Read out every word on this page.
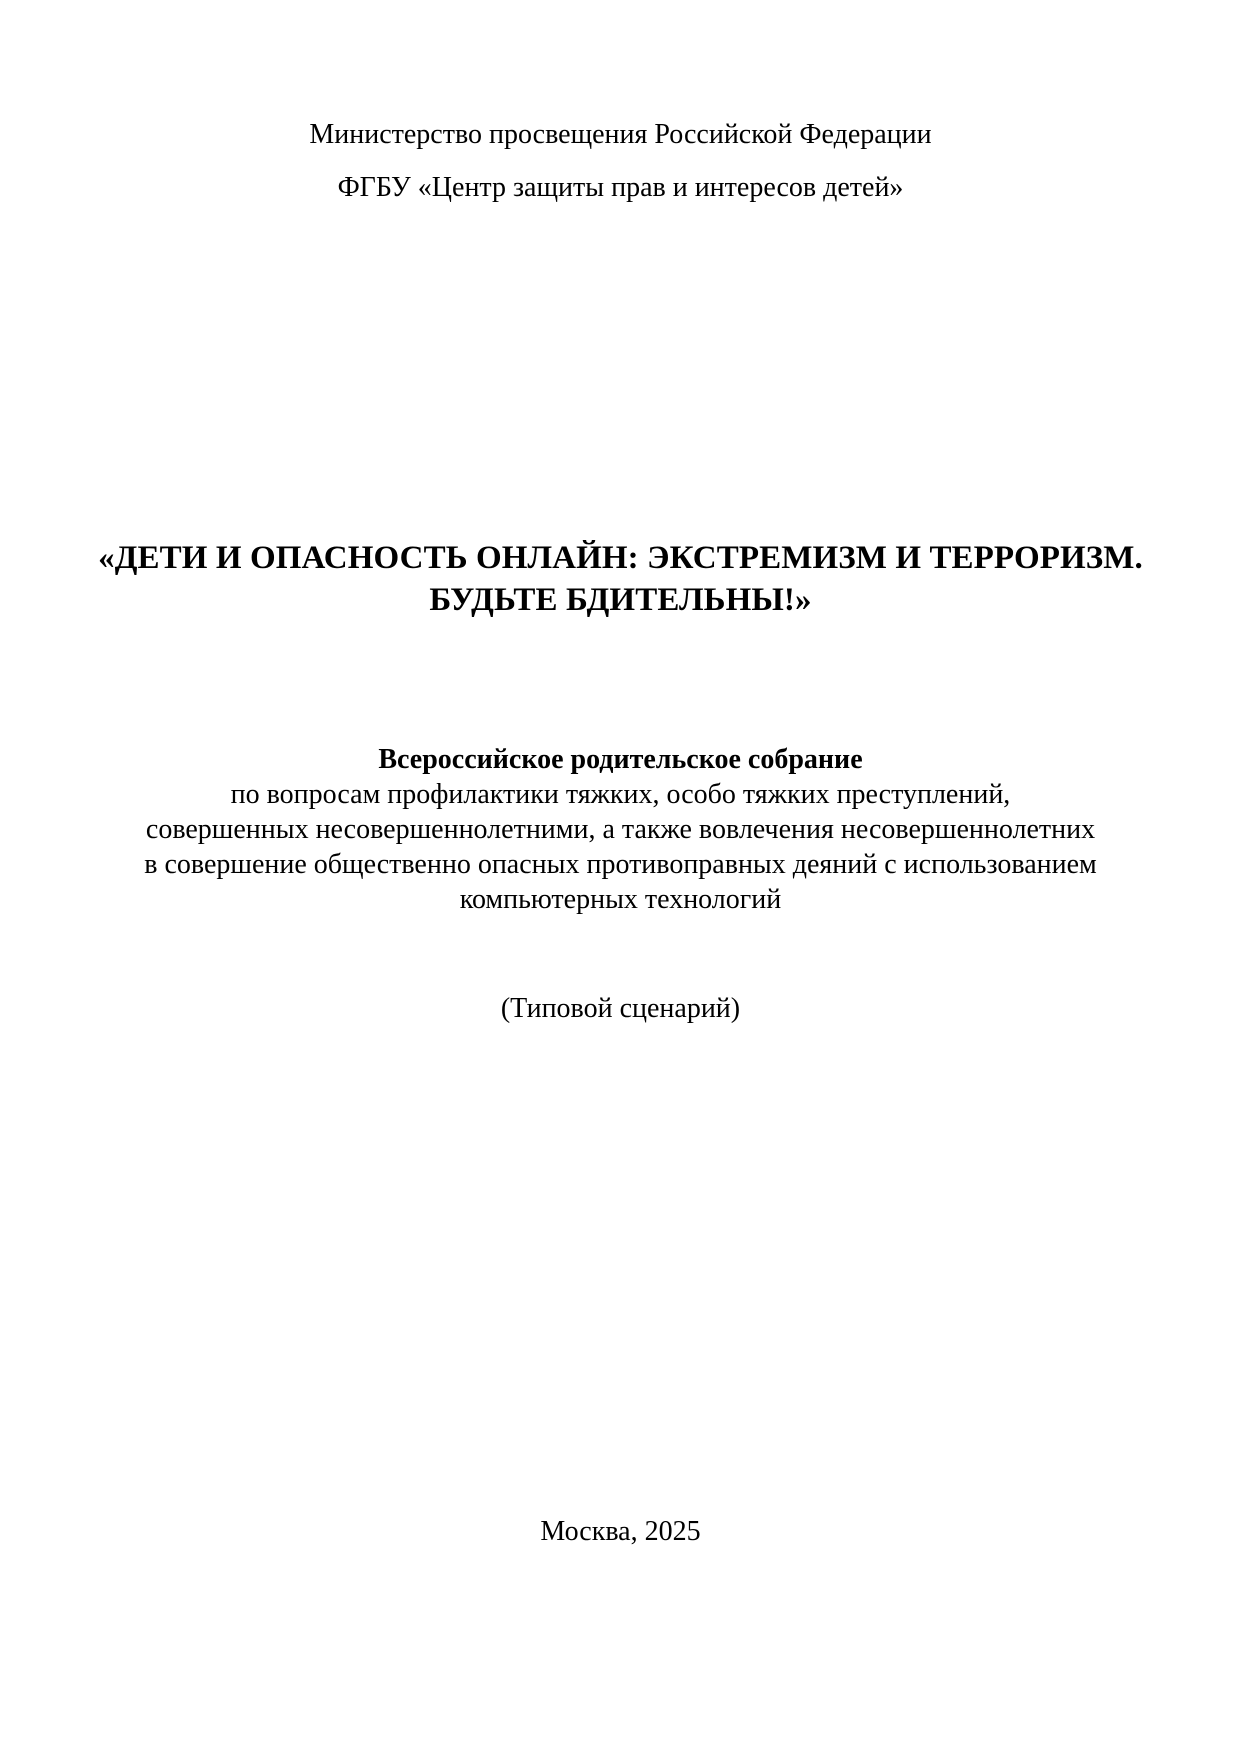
Министерство просвещения Российской Федерации
ФГБУ «Центр защиты прав и интересов детей»
«ДЕТИ И ОПАСНОСТЬ ОНЛАЙН: ЭКСТРЕМИЗМ И ТЕРРОРИЗМ.
БУДЬТЕ БДИТЕЛЬНЫ!»
Всероссийское родительское собрание
по вопросам профилактики тяжких, особо тяжких преступлений,
совершенных несовершеннолетними, а также вовлечения несовершеннолетних
в совершение общественно опасных противоправных деяний с использованием
компьютерных технологий
(Типовой сценарий)
Москва, 2025
